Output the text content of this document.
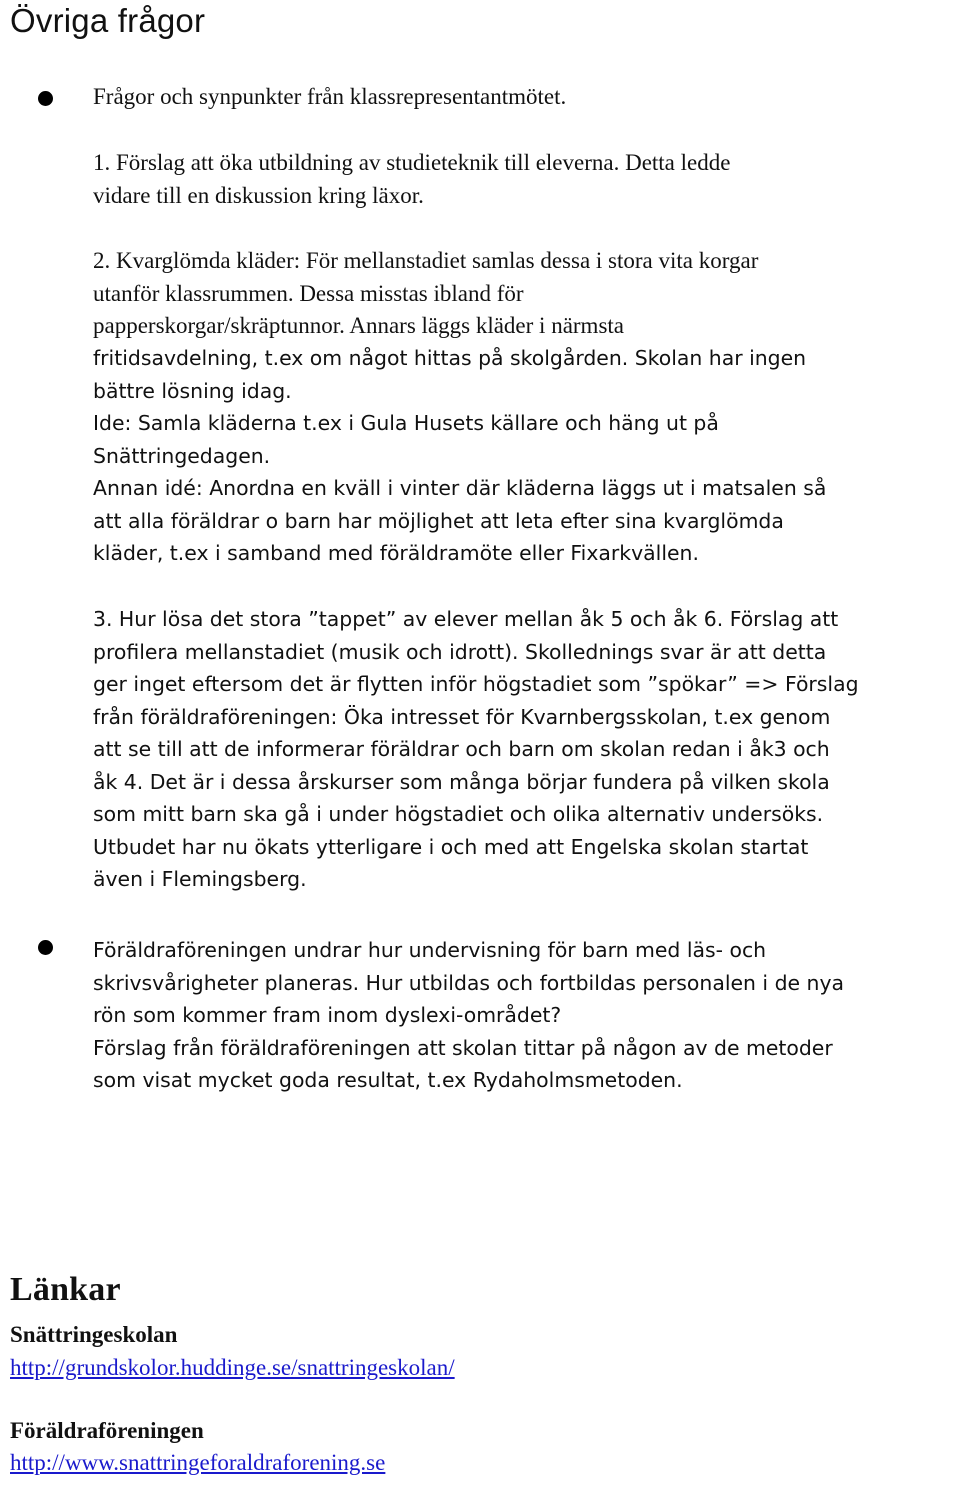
Övriga frågor

Frågor och synpunkter från klassrepresentantmötet.

1. Förslag att öka utbildning av studieteknik till eleverna. Detta ledde
vidare till en diskussion kring läxor.

2. Kvarglömda kläder: För mellanstadiet samlas dessa i stora vita korgar
utanför klassrummen. Dessa misstas ibland för
papperskorgar/skräptunnor. Annars läggs kläder i närmsta

fritidsavdelning, t.ex om något hittas på skolgården. Skolan har ingen
bättre lösning idag.
Ide: Samla kläderna t.ex i Gula Husets källare och häng ut på
Snättringedagen.
Annan idé: Anordna en kväll i vinter där kläderna läggs ut i matsalen så
att alla föräldrar o barn har möjlighet att leta efter sina kvarglömda
kläder, t.ex i samband med föräldramöte eller Fixarkvällen.

3. Hur lösa det stora ”tappet” av elever mellan åk 5 och åk 6. Förslag att
profilera mellanstadiet (musik och idrott). Skollednings svar är att detta
ger inget eftersom det är flytten inför högstadiet som ”spökar” => Förslag
från föräldraföreningen: Öka intresset för Kvarnbergsskolan, t.ex genom
att se till att de informerar föräldrar och barn om skolan redan i åk3 och
åk 4. Det är i dessa årskurser som många börjar fundera på vilken skola
som mitt barn ska gå i under högstadiet och olika alternativ undersöks.
Utbudet har nu ökats ytterligare i och med att Engelska skolan startat
även i Flemingsberg.

Föräldraföreningen undrar hur undervisning för barn med läs- och
skrivsvårigheter planeras. Hur utbildas och fortbildas personalen i de nya
rön som kommer fram inom dyslexi-området?
Förslag från föräldraföreningen att skolan tittar på någon av de metoder
som visat mycket goda resultat, t.ex Rydaholmsmetoden.

Länkar

Snättringeskolan

http://grundskolor.huddinge.se/snattringeskolan/

Föräldraföreningen

http://www.snattringeforaldraforening.se
